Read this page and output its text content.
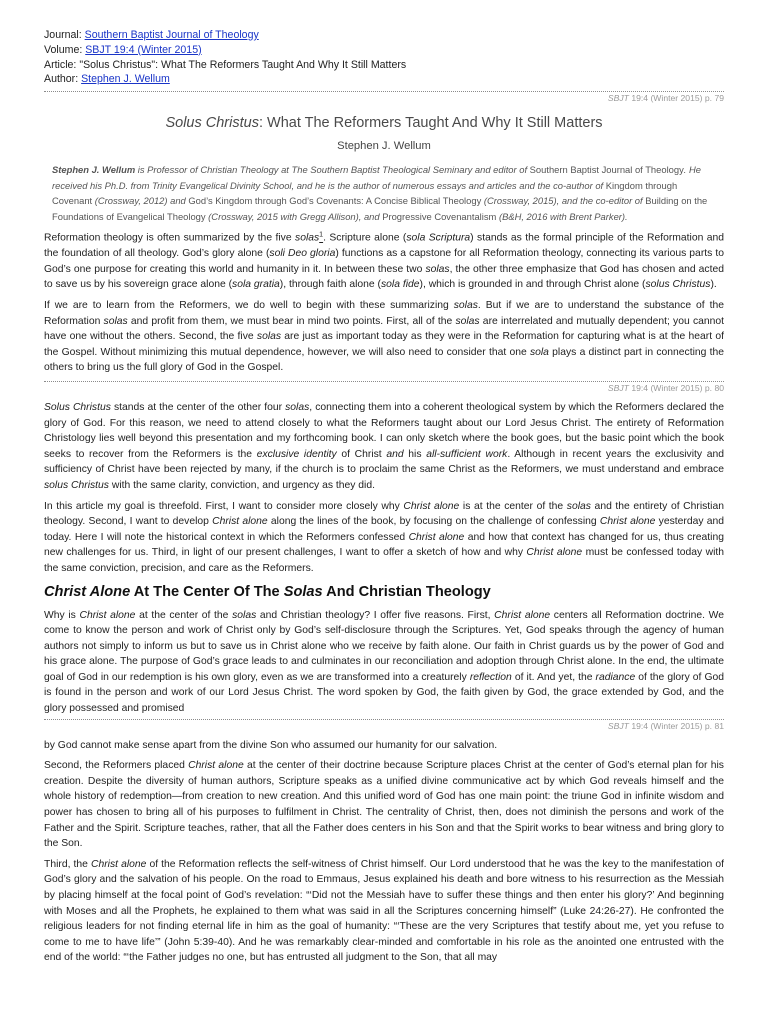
Journal: Southern Baptist Journal of Theology
Volume: SBJT 19:4 (Winter 2015)
Article: "Solus Christus": What The Reformers Taught And Why It Still Matters
Author: Stephen J. Wellum
SBJT 19:4 (Winter 2015) p. 79
Solus Christus: What The Reformers Taught And Why It Still Matters
Stephen J. Wellum
Stephen J. Wellum is Professor of Christian Theology at The Southern Baptist Theological Seminary and editor of Southern Baptist Journal of Theology. He received his Ph.D. from Trinity Evangelical Divinity School, and he is the author of numerous essays and articles and the co-author of Kingdom through Covenant (Crossway, 2012) and God’s Kingdom through God’s Covenants: A Concise Biblical Theology (Crossway, 2015), and the co-editor of Building on the Foundations of Evangelical Theology (Crossway, 2015 with Gregg Allison), and Progressive Covenantalism (B&H, 2016 with Brent Parker).

Reformation theology is often summarized by the five solas$^1$. Scripture alone (sola Scriptura) stands as the formal principle of the Reformation and the foundation of all theology. God’s glory alone (soli Deo gloria) functions as a capstone for all Reformation theology, connecting its various parts to God’s one purpose for creating this world and humanity in it. In between these two solas, the other three emphasize that God has chosen and acted to save us by his sovereign grace alone (sola gratia), through faith alone (sola fide), which is grounded in and through Christ alone (solus Christus).

If we are to learn from the Reformers, we do well to begin with these summarizing solas. But if we are to understand the substance of the Reformation solas and profit from them, we must bear in mind two points. First, all of the solas are interrelated and mutually dependent; you cannot have one without the others. Second, the five solas are just as important today as they were in the Reformation for capturing what is at the heart of the Gospel. Without minimizing this mutual dependence, however, we will also need to consider that one sola plays a distinct part in connecting the others to bring us the full glory of God in the Gospel.

SBJT 19:4 (Winter 2015) p. 80

Solus Christus stands at the center of the other four solas, connecting them into a coherent theological system by which the Reformers declared the glory of God. For this reason, we need to attend closely to what the Reformers taught about our Lord Jesus Christ. The entirety of Reformation Christology lies well beyond this presentation and my forthcoming book. I can only sketch where the book goes, but the basic point which the book seeks to recover from the Reformers is the exclusive identity of Christ and his all-sufficient work. Although in recent years the exclusivity and sufficiency of Christ have been rejected by many, if the church is to proclaim the same Christ as the Reformers, we must understand and embrace solus Christus with the same clarity, conviction, and urgency as they did.

In this article my goal is threefold. First, I want to consider more closely why Christ alone is at the center of the solas and the entirety of Christian theology. Second, I want to develop Christ alone along the lines of the book, by focusing on the challenge of confessing Christ alone yesterday and today. Here I will note the historical context in which the Reformers confessed Christ alone and how that context has changed for us, thus creating new challenges for us. Third, in light of our present challenges, I want to offer a sketch of how and why Christ alone must be confessed today with the same conviction, precision, and care as the Reformers.

Christ Alone At The Center Of The Solas And Christian Theology

Why is Christ alone at the center of the solas and Christian theology? I offer five reasons. First, Christ alone centers all Reformation doctrine. We come to know the person and work of Christ only by God’s self-disclosure through the Scriptures. Yet, God speaks through the agency of human authors not simply to inform us but to save us in Christ alone who we receive by faith alone. Our faith in Christ guards us by the power of God and his grace alone. The purpose of God’s grace leads to and culminates in our reconciliation and adoption through Christ alone. In the end, the ultimate goal of God in our redemption is his own glory, even as we are transformed into a creaturely reflection of it. And yet, the radiance of the glory of God is found in the person and work of our Lord Jesus Christ. The word spoken by God, the faith given by God, the grace extended by God, and the glory possessed and promised

SBJT 19:4 (Winter 2015) p. 81

by God cannot make sense apart from the divine Son who assumed our humanity for our salvation.

Second, the Reformers placed Christ alone at the center of their doctrine because Scripture places Christ at the center of God’s eternal plan for his creation. Despite the diversity of human authors, Scripture speaks as a unified divine communicative act by which God reveals himself and the whole history of redemption—from creation to new creation. And this unified word of God has one main point: the triune God in infinite wisdom and power has chosen to bring all of his purposes to fulfilment in Christ. The centrality of Christ, then, does not diminish the persons and work of the Father and the Spirit. Scripture teaches, rather, that all the Father does centers in his Son and that the Spirit works to bear witness and bring glory to the Son.

Third, the Christ alone of the Reformation reflects the self-witness of Christ himself. Our Lord understood that he was the key to the manifestation of God’s glory and the salvation of his people. On the road to Emmaus, Jesus explained his death and bore witness to his resurrection as the Messiah by placing himself at the focal point of God’s revelation: “‘Did not the Messiah have to suffer these things and then enter his glory?’ And beginning with Moses and all the Prophets, he explained to them what was said in all the Scriptures concerning himself” (Luke 24:26-27). He confronted the religious leaders for not finding eternal life in him as the goal of humanity: “‘These are the very Scriptures that testify about me, yet you refuse to come to me to have life’” (John 5:39-40). And he was remarkably clear-minded and comfortable in his role as the anointed one entrusted with the end of the world: “‘the Father judges no one, but has entrusted all judgment to the Son, that all may
